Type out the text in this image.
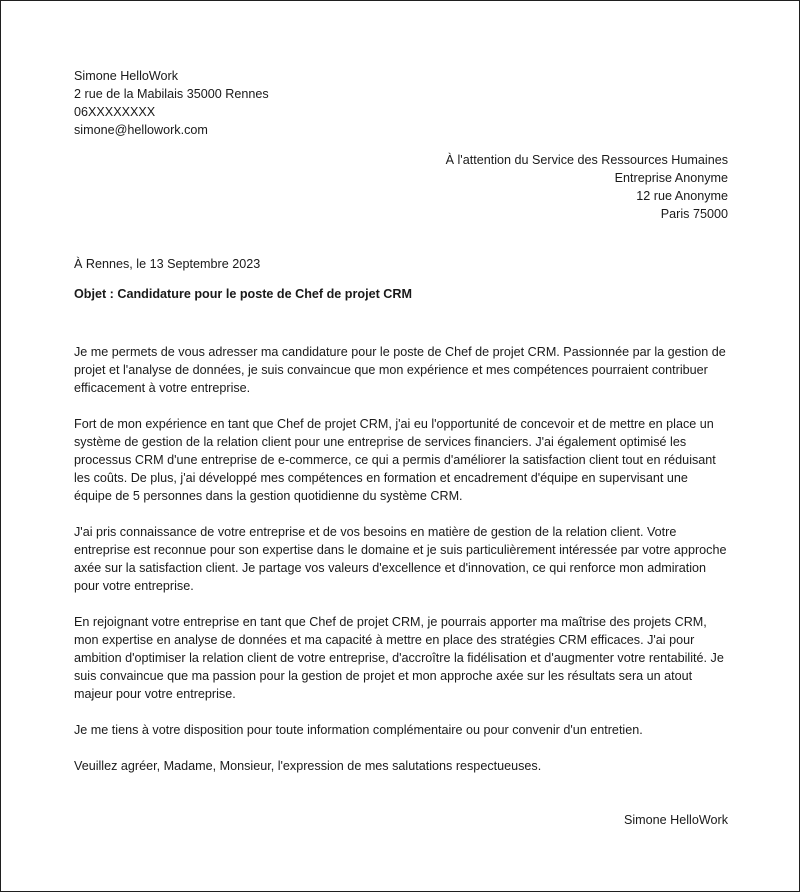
Simone HelloWork
2 rue de la Mabilais 35000 Rennes
06XXXXXXXX
simone@hellowork.com
À l'attention du Service des Ressources Humaines
Entreprise Anonyme
12 rue Anonyme
Paris 75000
À Rennes, le 13 Septembre 2023
Objet : Candidature pour le poste de Chef de projet CRM

Je me permets de vous adresser ma candidature pour le poste de Chef de projet CRM. Passionnée par la gestion de projet et l'analyse de données, je suis convaincue que mon expérience et mes compétences pourraient contribuer efficacement à votre entreprise.

Fort de mon expérience en tant que Chef de projet CRM, j'ai eu l'opportunité de concevoir et de mettre en place un système de gestion de la relation client pour une entreprise de services financiers. J'ai également optimisé les processus CRM d'une entreprise de e-commerce, ce qui a permis d'améliorer la satisfaction client tout en réduisant les coûts. De plus, j'ai développé mes compétences en formation et encadrement d'équipe en supervisant une équipe de 5 personnes dans la gestion quotidienne du système CRM.

J'ai pris connaissance de votre entreprise et de vos besoins en matière de gestion de la relation client. Votre entreprise est reconnue pour son expertise dans le domaine et je suis particulièrement intéressée par votre approche axée sur la satisfaction client. Je partage vos valeurs d'excellence et d'innovation, ce qui renforce mon admiration pour votre entreprise.

En rejoignant votre entreprise en tant que Chef de projet CRM, je pourrais apporter ma maîtrise des projets CRM, mon expertise en analyse de données et ma capacité à mettre en place des stratégies CRM efficaces. J'ai pour ambition d'optimiser la relation client de votre entreprise, d'accroître la fidélisation et d'augmenter votre rentabilité. Je suis convaincue que ma passion pour la gestion de projet et mon approche axée sur les résultats sera un atout majeur pour votre entreprise.

Je me tiens à votre disposition pour toute information complémentaire ou pour convenir d'un entretien.

Veuillez agréer, Madame, Monsieur, l'expression de mes salutations respectueuses.

Simone HelloWork
